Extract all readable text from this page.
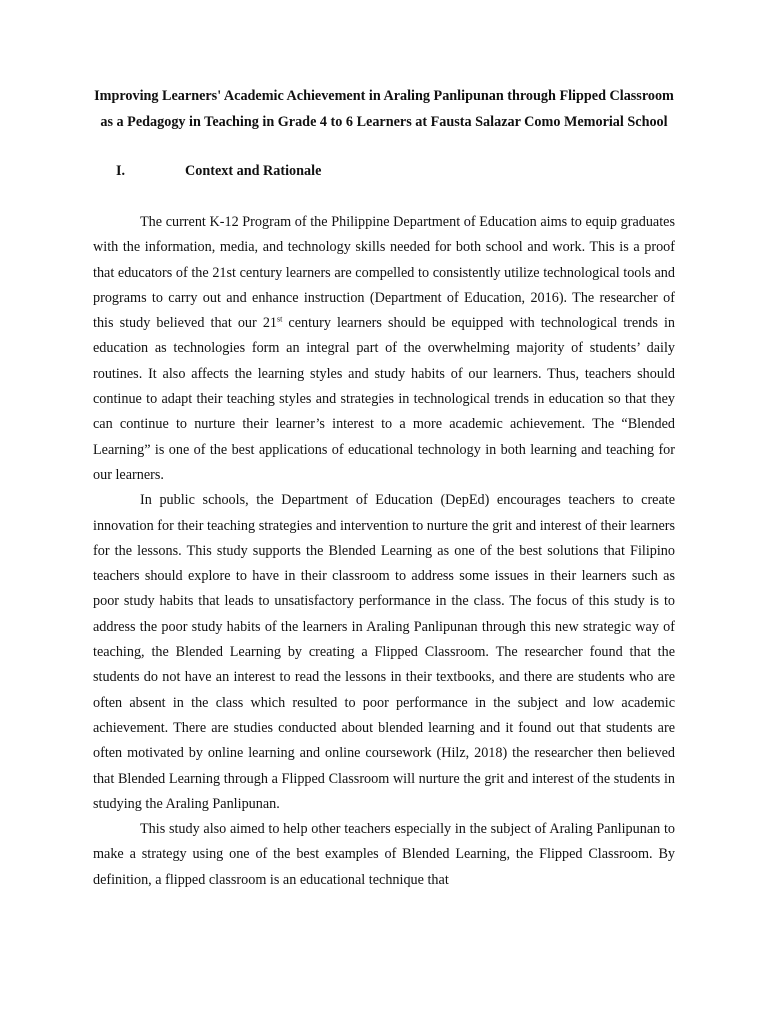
Improving Learners' Academic Achievement in Araling Panlipunan through Flipped Classroom as a Pedagogy in Teaching in Grade 4 to 6 Learners at Fausta Salazar Como Memorial School
I.	Context and Rationale

The current K-12 Program of the Philippine Department of Education aims to equip graduates with the information, media, and technology skills needed for both school and work. This is a proof that educators of the 21st century learners are compelled to consistently utilize technological tools and programs to carry out and enhance instruction (Department of Education, 2016). The researcher of this study believed that our 21st century learners should be equipped with technological trends in education as technologies form an integral part of the overwhelming majority of students’ daily routines. It also affects the learning styles and study habits of our learners. Thus, teachers should continue to adapt their teaching styles and strategies in technological trends in education so that they can continue to nurture their learner’s interest to a more academic achievement. The “Blended Learning” is one of the best applications of educational technology in both learning and teaching for our learners.

In public schools, the Department of Education (DepEd) encourages teachers to create innovation for their teaching strategies and intervention to nurture the grit and interest of their learners for the lessons. This study supports the Blended Learning as one of the best solutions that Filipino teachers should explore to have in their classroom to address some issues in their learners such as poor study habits that leads to unsatisfactory performance in the class. The focus of this study is to address the poor study habits of the learners in Araling Panlipunan through this new strategic way of teaching, the Blended Learning by creating a Flipped Classroom. The researcher found that the students do not have an interest to read the lessons in their textbooks, and there are students who are often absent in the class which resulted to poor performance in the subject and low academic achievement. There are studies conducted about blended learning and it found out that students are often motivated by online learning and online coursework (Hilz, 2018) the researcher then believed that Blended Learning through a Flipped Classroom will nurture the grit and interest of the students in studying the Araling Panlipunan.

This study also aimed to help other teachers especially in the subject of Araling Panlipunan to make a strategy using one of the best examples of Blended Learning, the Flipped Classroom. By definition, a flipped classroom is an educational technique that
